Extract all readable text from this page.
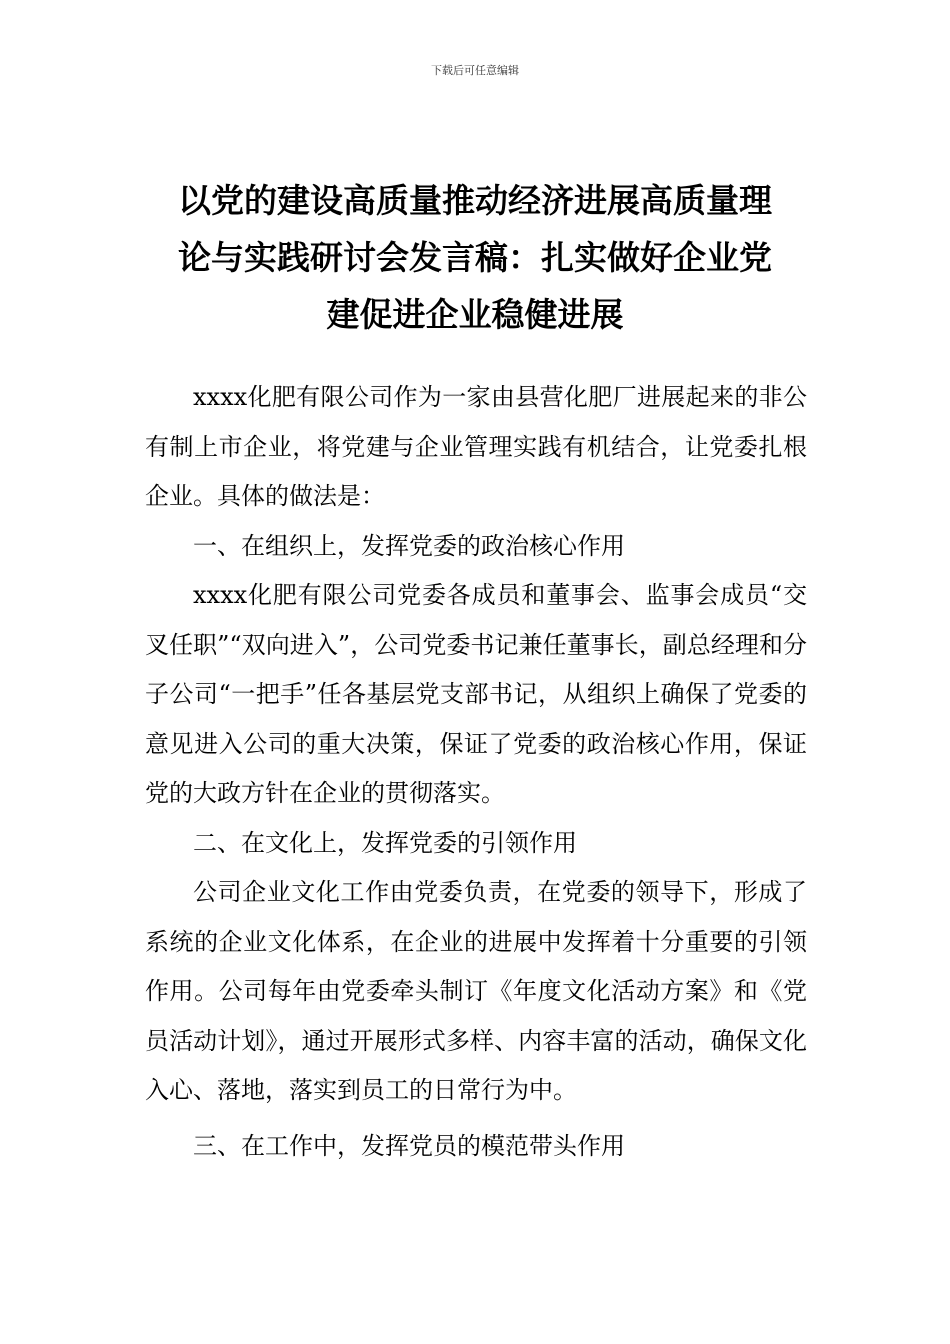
下载后可任意编辑
以党的建设高质量推动经济进展高质量理
论与实践研讨会发言稿：扎实做好企业党
建促进企业稳健进展

xxxx化肥有限公司作为一家由县营化肥厂进展起来的非公有制上市企业，将党建与企业管理实践有机结合，让党委扎根企业。具体的做法是：

一、在组织上，发挥党委的政治核心作用

xxxx化肥有限公司党委各成员和董事会、监事会成员“交叉任职”“双向进入”，公司党委书记兼任董事长，副总经理和分子公司“一把手”任各基层党支部书记，从组织上确保了党委的意见进入公司的重大决策，保证了党委的政治核心作用，保证党的大政方针在企业的贯彻落实。

二、在文化上，发挥党委的引领作用

公司企业文化工作由党委负责，在党委的领导下，形成了系统的企业文化体系，在企业的进展中发挥着十分重要的引领作用。公司每年由党委牵头制订《年度文化活动方案》和《党员活动计划》，通过开展形式多样、内容丰富的活动，确保文化入心、落地，落实到员工的日常行为中。

三、在工作中，发挥党员的模范带头作用
